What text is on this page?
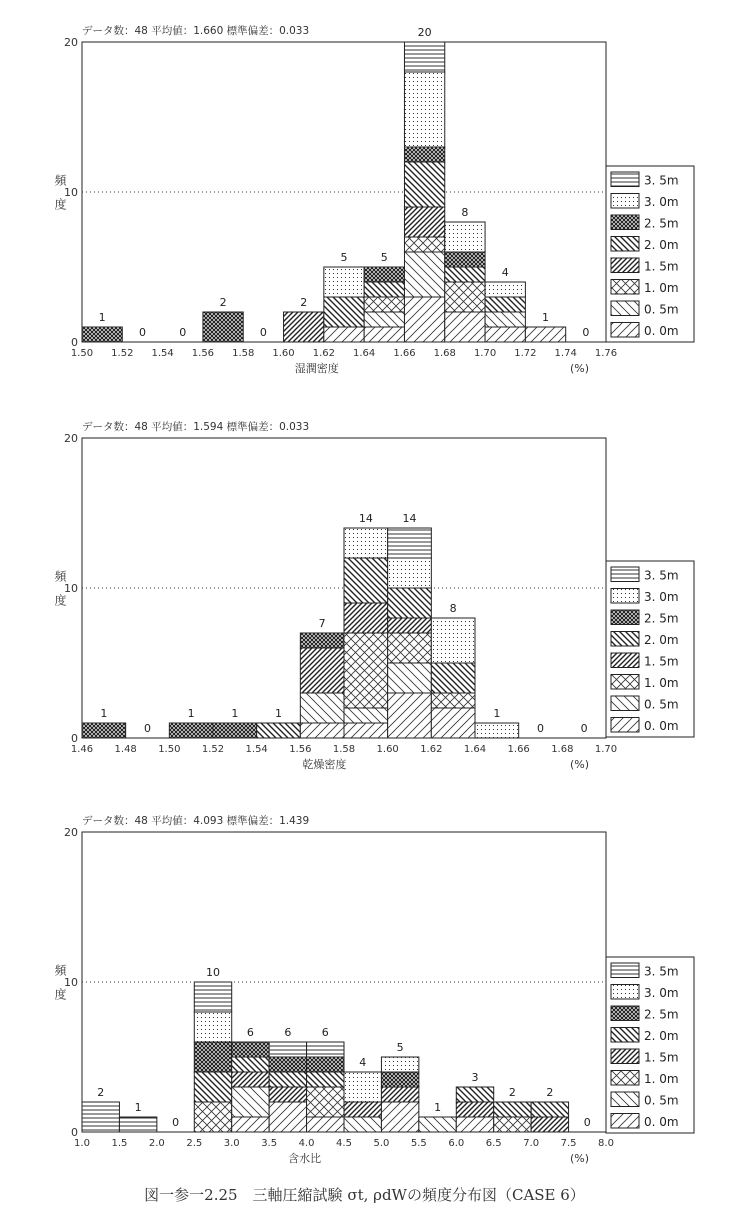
データ数：48 平均値：1.660 標準偏差：0.033
0
10
20
頻 度
1.50 1.52 1.54 1.56 1.58 1.60 1.62 1.64 1.66 1.68 1.70 1.72 1.74 1.76
湿潤密度	(%)
1
0	0
2
0
2
5	5
20
8
4
1
0
3. 5m
3. 0m
2. 5m
2. 0m
1. 5m
1. 0m
0. 5m
0. 0m
データ数：48 平均値：1.594 標準偏差：0.033
0
10
20
頻 度
1.46 1.48 1.50 1.52 1.54 1.56 1.58 1.60 1.62 1.64 1.66 1.68 1.70
乾燥密度	(%)
1
0
1	1	1
7
14	14
8
1
0	0
3. 5m
3. 0m
2. 5m
2. 0m
1. 5m
1. 0m
0. 5m
0. 0m
データ数：48 平均値：4.093 標準偏差：1.439
0
10
20
頻 度
1.0 1.5 2.0 2.5 3.0 3.5 4.0 4.5 5.0 5.5 6.0 6.5 7.0 7.5 8.0
含水比	(%)
2
1
0
10
6	6	6
4
5
1
3
2	2
0
3. 5m
3. 0m
2. 5m
2. 0m
1. 5m
1. 0m
0. 5m
0. 0m
図一参一2.25　三軸圧縮試験 σt, ρdWの頻度分布図（CASE 6）
